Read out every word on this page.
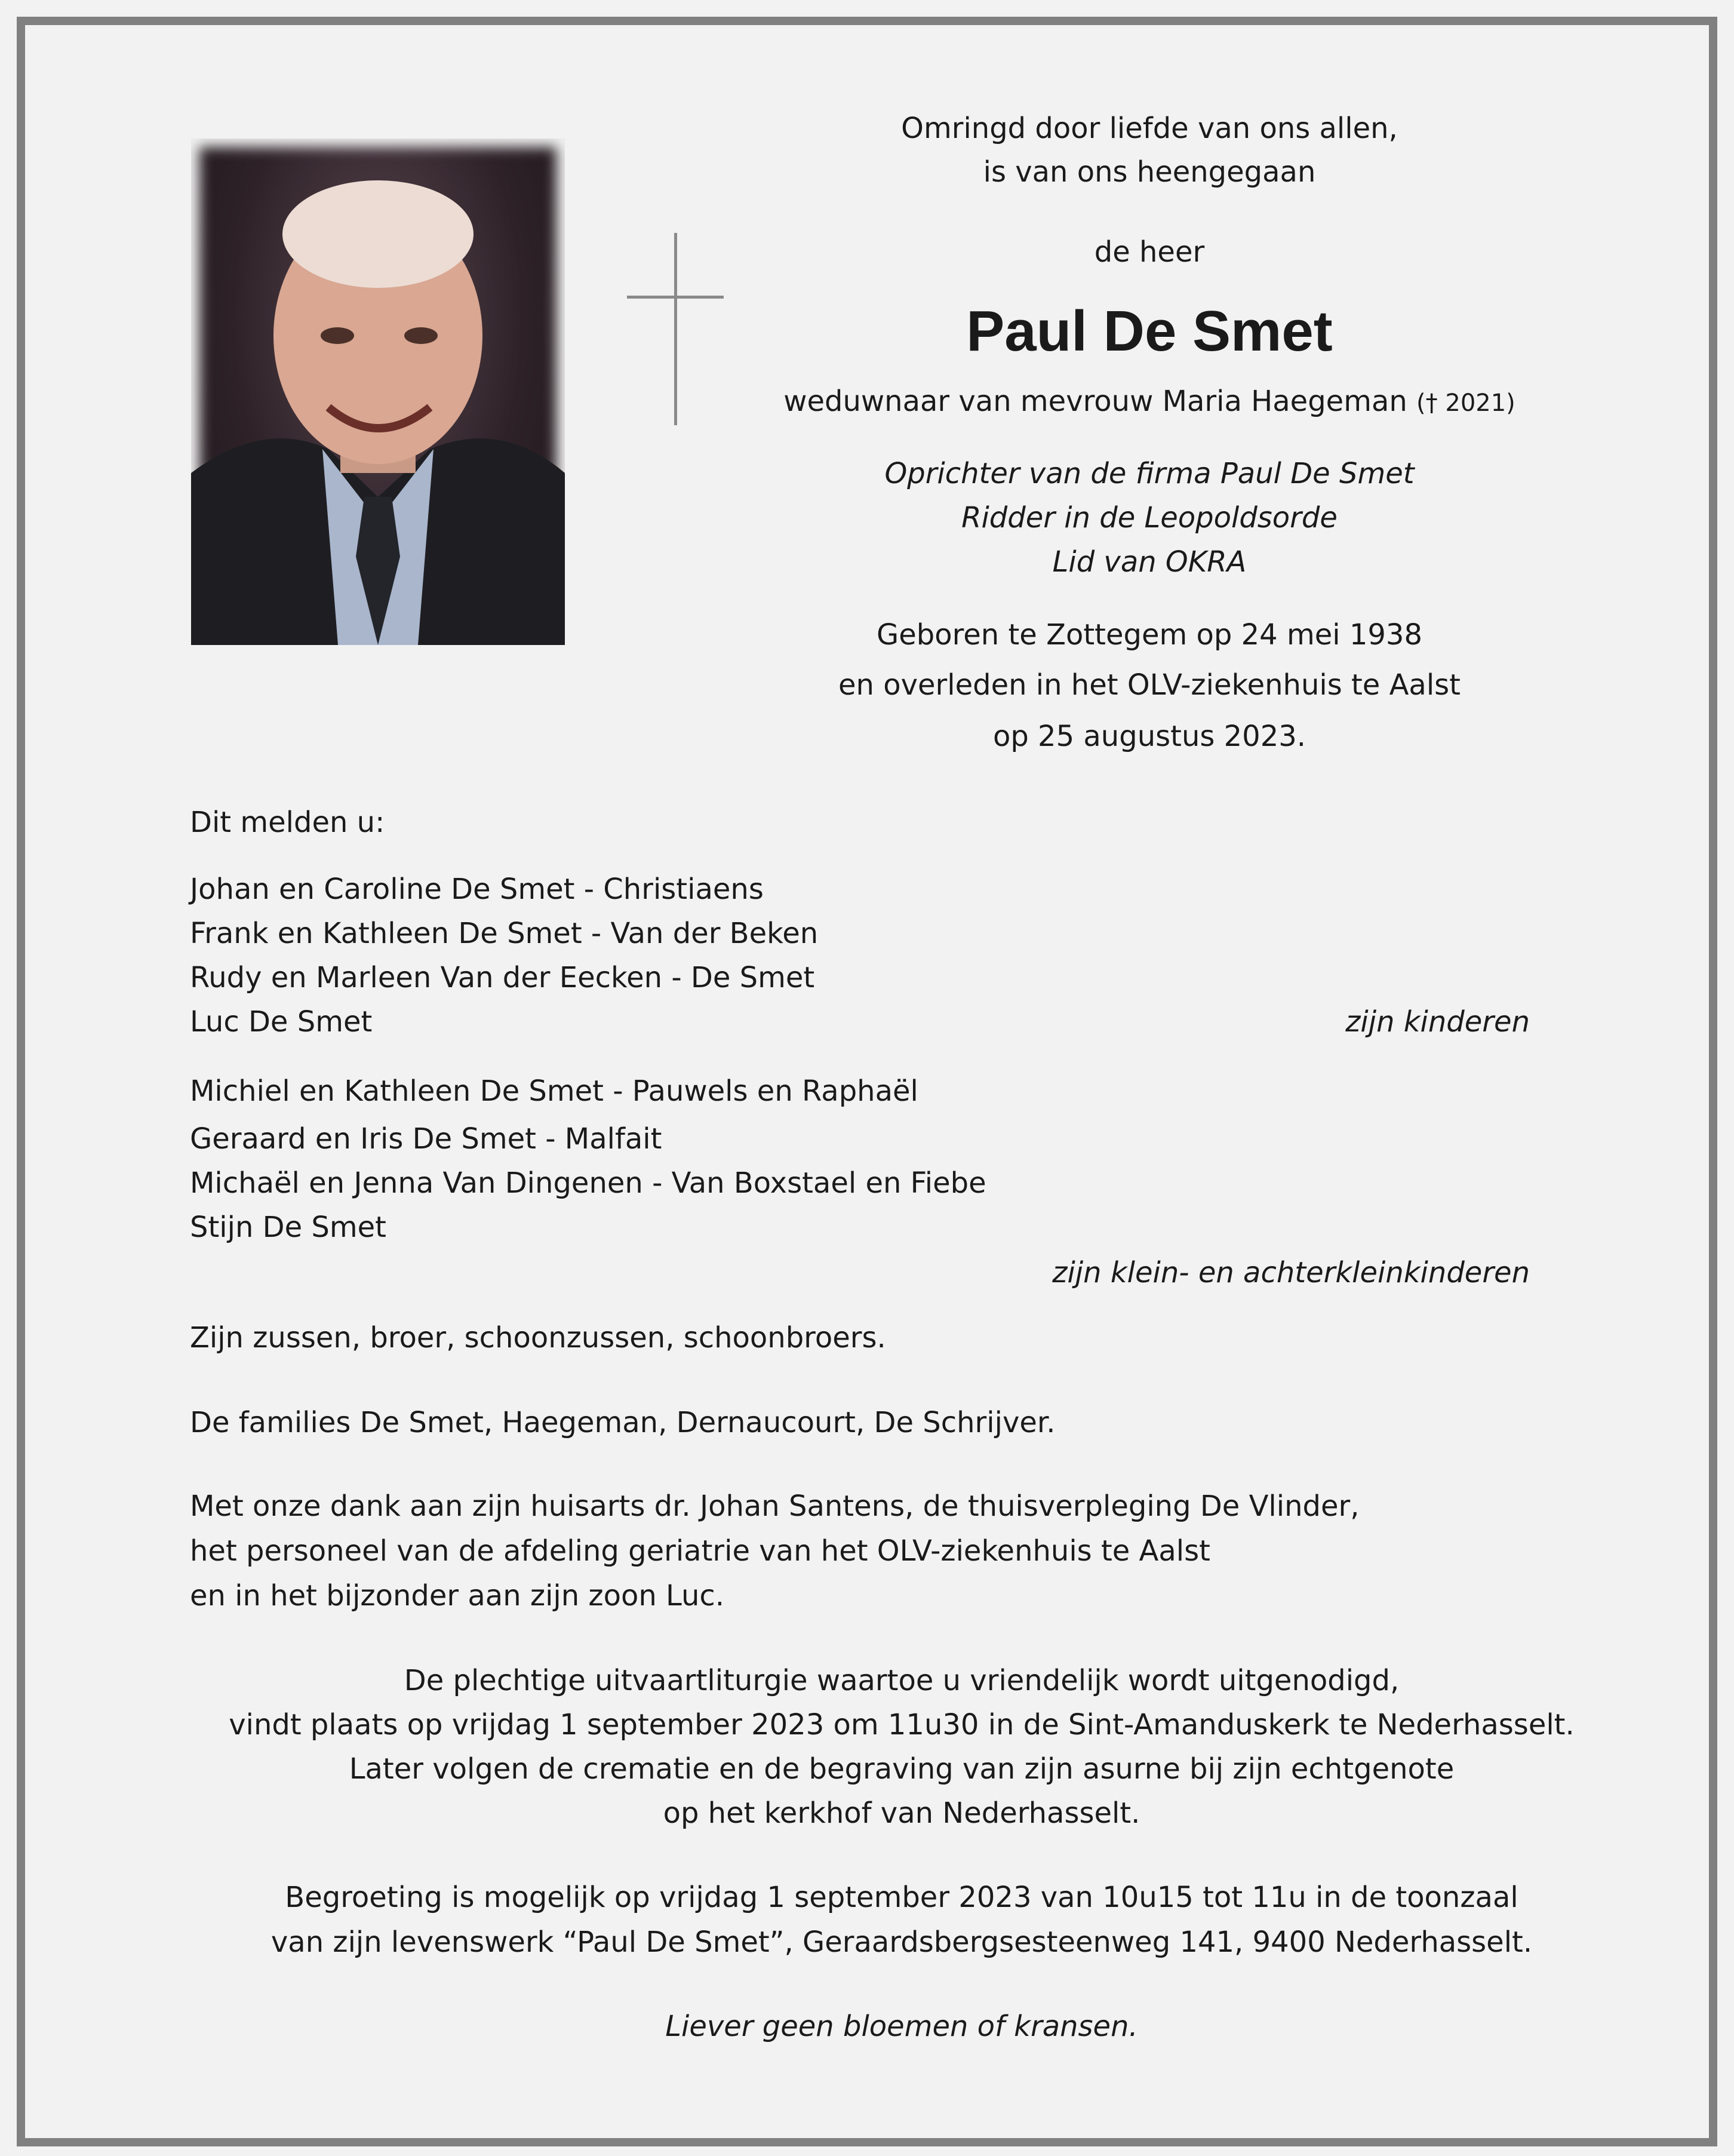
Omringd door liefde van ons allen,
is van ons heengegaan
de heer
Paul De Smet
weduwnaar van mevrouw Maria Haegeman († 2021)
Oprichter van de firma Paul De Smet
Ridder in de Leopoldsorde
Lid van OKRA
Geboren te Zottegem op 24 mei 1938
en overleden in het OLV-ziekenhuis te Aalst
op 25 augustus 2023.
Dit melden u:
Johan en Caroline De Smet - Christiaens
Frank en Kathleen De Smet - Van der Beken
Rudy en Marleen Van der Eecken - De Smet
Luc De Smet	zijn kinderen
Michiel en Kathleen De Smet - Pauwels en Raphaël
Geraard en Iris De Smet - Malfait
Michaël en Jenna Van Dingenen - Van Boxstael en Fiebe
Stijn De Smet
zijn klein- en achterkleinkinderen
Zijn zussen, broer, schoonzussen, schoonbroers.
De families De Smet, Haegeman, Dernaucourt, De Schrijver.
Met onze dank aan zijn huisarts dr. Johan Santens, de thuisverpleging De Vlinder,
het personeel van de afdeling geriatrie van het OLV-ziekenhuis te Aalst
en in het bijzonder aan zijn zoon Luc.
De plechtige uitvaartliturgie waartoe u vriendelijk wordt uitgenodigd,
vindt plaats op vrijdag 1 september 2023 om 11u30 in de Sint-Amanduskerk te Nederhasselt.
Later volgen de crematie en de begraving van zijn asurne bij zijn echtgenote
op het kerkhof van Nederhasselt.
Begroeting is mogelijk op vrijdag 1 september 2023 van 10u15 tot 11u in de toonzaal
van zijn levenswerk “Paul De Smet”, Geraardsbergsesteenweg 141, 9400 Nederhasselt.
Liever geen bloemen of kransen.
